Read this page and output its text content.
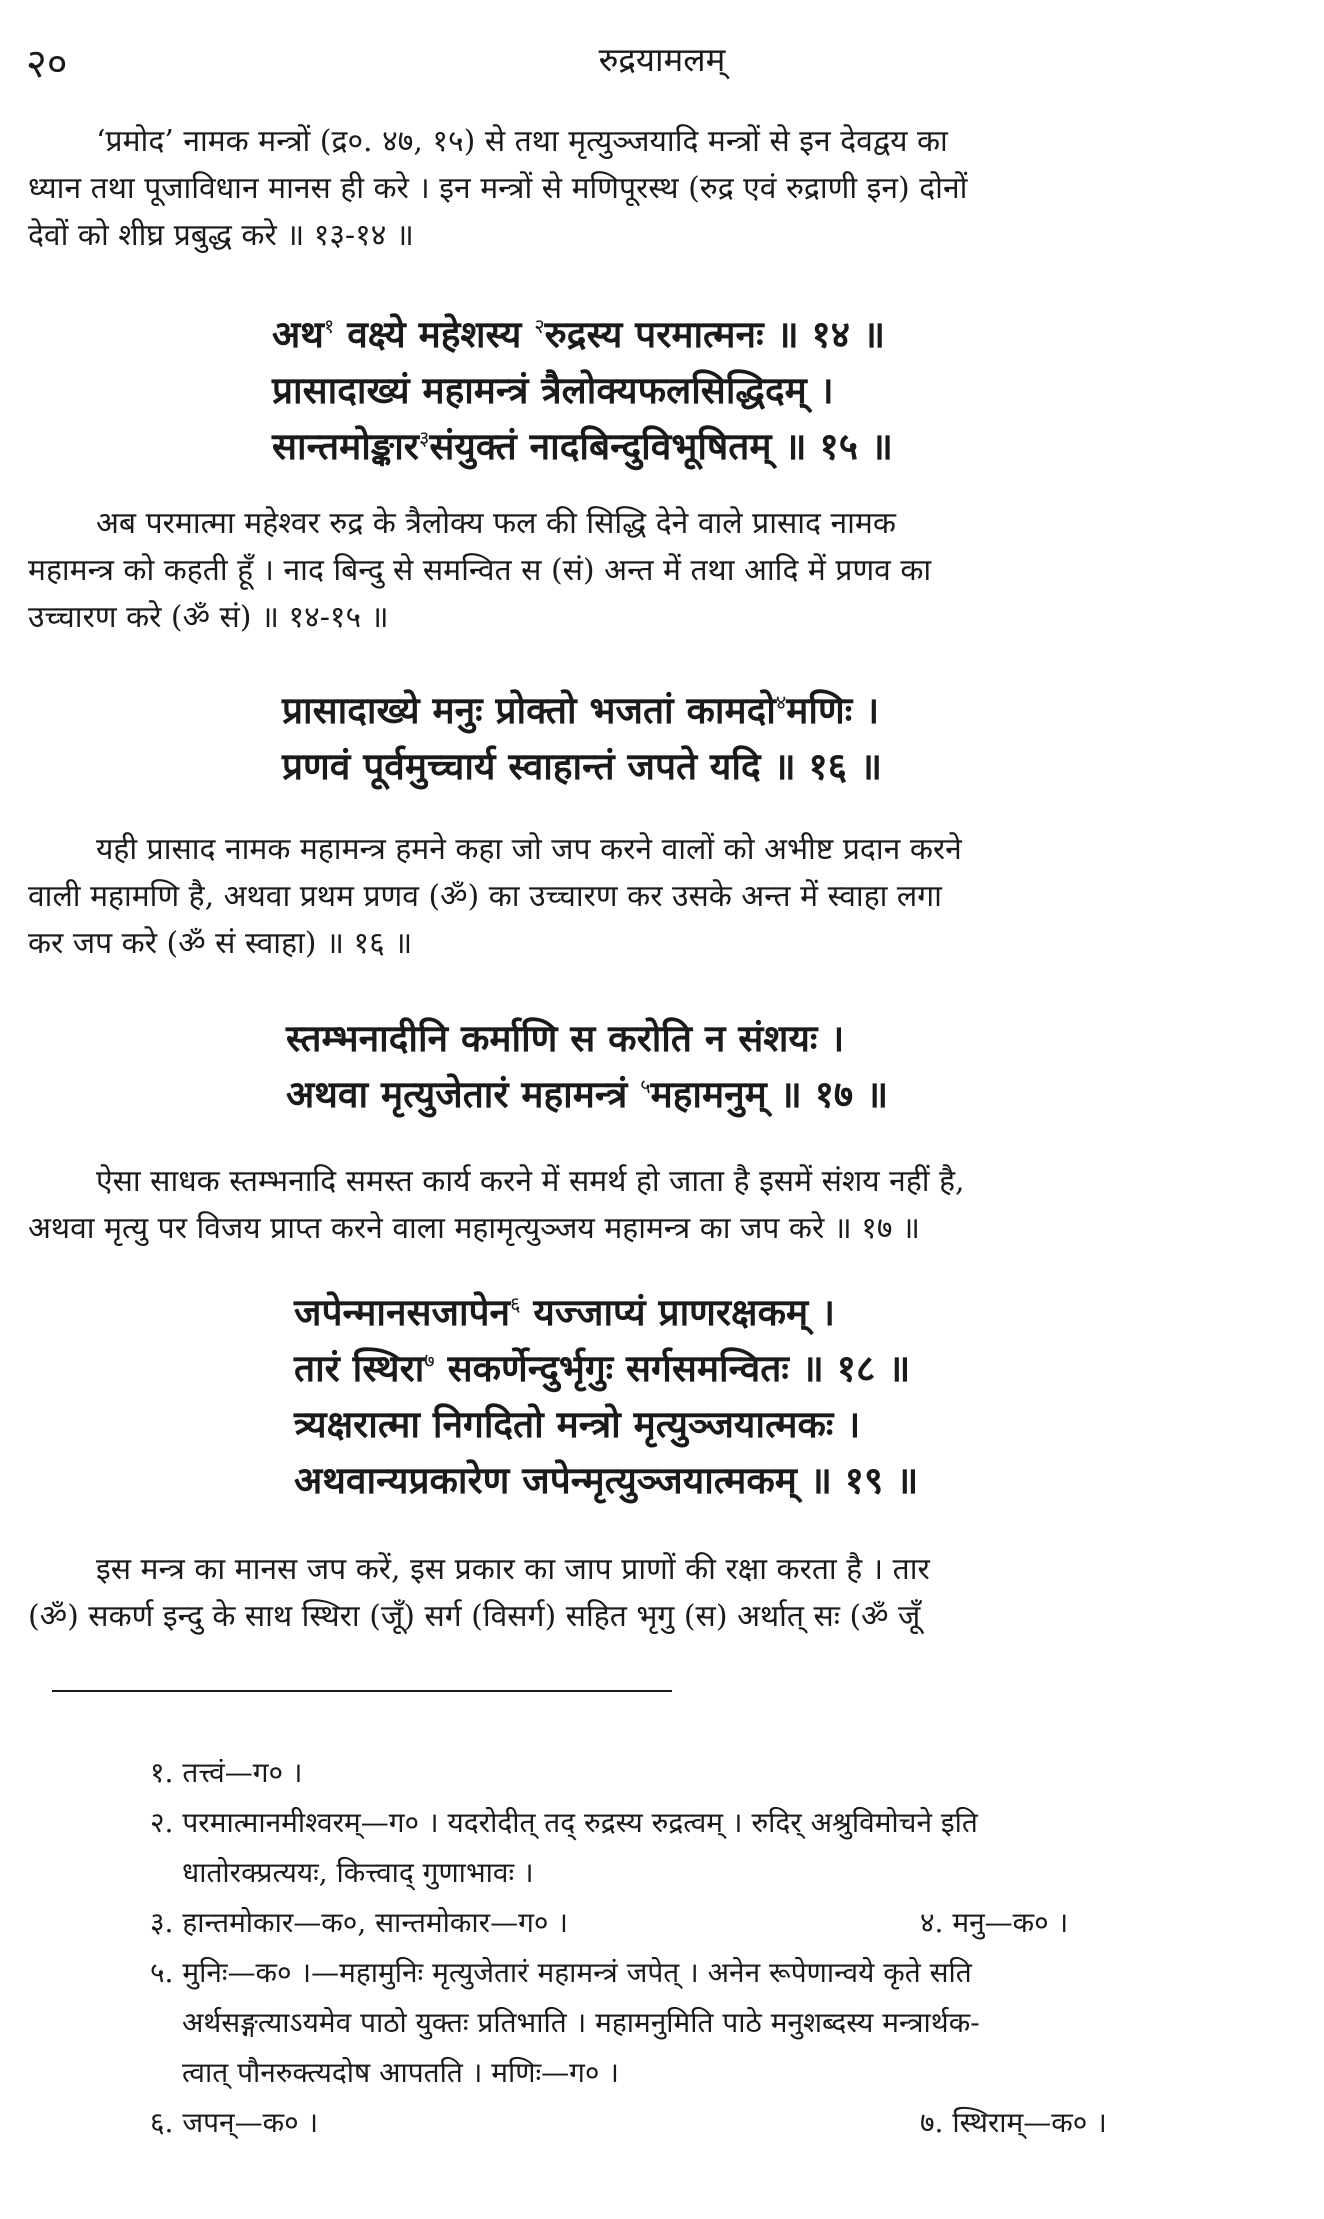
२०	रुद्रयामलम्
‘प्रमोद’ नामक मन्त्रों (द्र०. ४७, १५) से तथा मृत्युञ्जयादि मन्त्रों से इन देवद्वय का
ध्यान तथा पूजाविधान मानस ही करे । इन मन्त्रों से मणिपूरस्थ (रुद्र एवं रुद्राणी इन) दोनों
देवों को शीघ्र प्रबुद्ध करे ॥ १३-१४ ॥
अथ$^१$ वक्ष्ये महेशस्य $^२$रुद्रस्य परमात्मनः ॥ १४ ॥
प्रासादाख्यं महामन्त्रं त्रैलोक्यफलसिद्धिदम् ।
सान्तमोङ्कार$^३$संयुक्तं नादबिन्दुविभूषितम् ॥ १५ ॥
अब परमात्मा महेश्वर रुद्र के त्रैलोक्य फल की सिद्धि देने वाले प्रासाद नामक
महामन्त्र को कहती हूँ । नाद बिन्दु से समन्वित स (सं) अन्त में तथा आदि में प्रणव का
उच्चारण करे (ॐ सं) ॥ १४-१५ ॥
प्रासादाख्ये मनुः प्रोक्तो भजतां कामदो$^४$मणिः ।
प्रणवं पूर्वमुच्चार्य स्वाहान्तं जपते यदि ॥ १६ ॥
यही प्रासाद नामक महामन्त्र हमने कहा जो जप करने वालों को अभीष्ट प्रदान करने
वाली महामणि है, अथवा प्रथम प्रणव (ॐ) का उच्चारण कर उसके अन्त में स्वाहा लगा
कर जप करे (ॐ सं स्वाहा) ॥ १६ ॥
स्तम्भनादीनि कर्माणि स करोति न संशयः ।
अथवा मृत्युजेतारं महामन्त्रं $^५$महामनुम् ॥ १७ ॥
ऐसा साधक स्तम्भनादि समस्त कार्य करने में समर्थ हो जाता है इसमें संशय नहीं है,
अथवा मृत्यु पर विजय प्राप्त करने वाला महामृत्युञ्जय महामन्त्र का जप करे ॥ १७ ॥
जपेन्मानसजापेन$^६$ यज्जाप्यं प्राणरक्षकम् ।
तारं स्थिरा$^७$ सकर्णेन्दुर्भृगुः सर्गसमन्वितः ॥ १८ ॥
त्र्यक्षरात्मा निगदितो मन्त्रो मृत्युञ्जयात्मकः ।
अथवान्यप्रकारेण जपेन्मृत्युञ्जयात्मकम् ॥ १९ ॥
इस मन्त्र का मानस जप करें, इस प्रकार का जाप प्राणों की रक्षा करता है । तार
(ॐ) सकर्ण इन्दु के साथ स्थिरा (जूँ) सर्ग (विसर्ग) सहित भृगु (स) अर्थात् सः (ॐ जूँ
१. तत्त्वं—ग० ।
२. परमात्मानमीश्वरम्—ग० । यदरोदीत् तद् रुद्रस्य रुद्रत्वम् । रुदिर् अश्रुविमोचने इति
धातोरक्प्रत्ययः, कित्त्वाद् गुणाभावः ।
३. हान्तमोकार—क०, सान्तमोकार—ग० ।	४. मनु—क० ।
५. मुनिः—क० ।—महामुनिः मृत्युजेतारं महामन्त्रं जपेत् । अनेन रूपेणान्वये कृते सति
अर्थसङ्गत्याऽयमेव पाठो युक्तः प्रतिभाति । महामनुमिति पाठे मनुशब्दस्य मन्त्रार्थक-
त्वात् पौनरुक्त्यदोष आपतति । मणिः—ग० ।
६. जपन्—क० ।	७. स्थिराम्—क० ।
